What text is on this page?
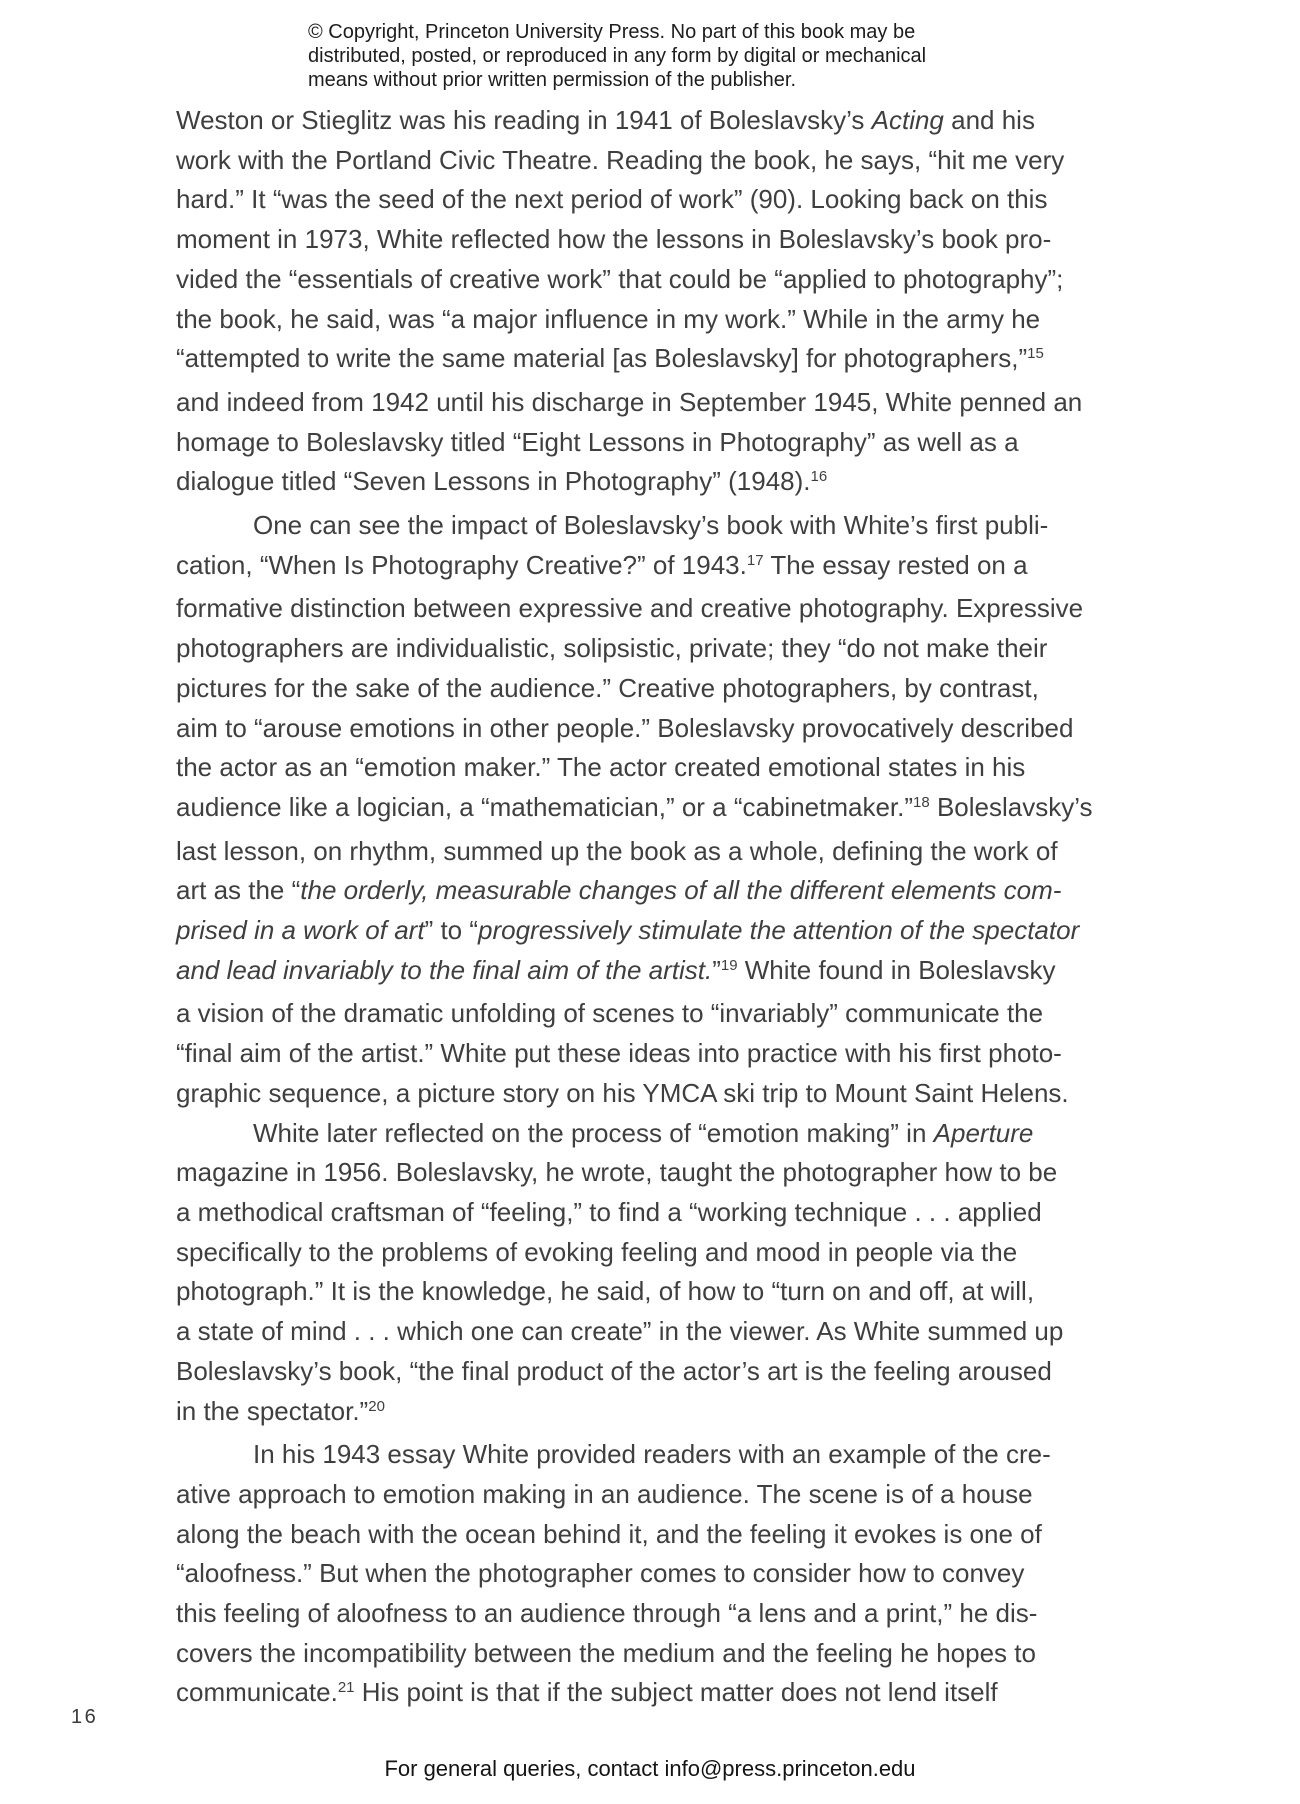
© Copyright, Princeton University Press. No part of this book may be
distributed, posted, or reproduced in any form by digital or mechanical
means without prior written permission of the publisher.
Weston or Stieglitz was his reading in 1941 of Boleslavsky’s Acting and his
work with the Portland Civic Theatre. Reading the book, he says, “hit me very
hard.” It “was the seed of the next period of work” (90). Looking back on this
moment in 1973, White reflected how the lessons in Boleslavsky’s book pro-
vided the “essentials of creative work” that could be “applied to photography”;
the book, he said, was “a major influence in my work.” While in the army he
“attempted to write the same material [as Boleslavsky] for photographers,”$^{15}$
and indeed from 1942 until his discharge in September 1945, White penned an
homage to Boleslavsky titled “Eight Lessons in Photography” as well as a
dialogue titled “Seven Lessons in Photography” (1948).$^{16}$
One can see the impact of Boleslavsky’s book with White’s first publi-
cation, “When Is Photography Creative?” of 1943.17 The essay rested on a
formative distinction between expressive and creative photography. Expressive
photographers are individualistic, solipsistic, private; they “do not make their
pictures for the sake of the audience.” Creative photographers, by contrast,
aim to “arouse emotions in other people.” Boleslavsky provocatively described
the actor as an “emotion maker.” The actor created emotional states in his
audience like a logician, a “mathematician,” or a “cabinetmaker.”$^{18}$ Boleslavsky’s
last lesson, on rhythm, summed up the book as a whole, defining the work of
art as the “the orderly, measurable changes of all the different elements com-
prised in a work of art” to “progressively stimulate the attention of the spectator
and lead invariably to the final aim of the artist.”$^{19}$ White found in Boleslavsky
a vision of the dramatic unfolding of scenes to “invariably” communicate the
“final aim of the artist.” White put these ideas into practice with his first photo-
graphic sequence, a picture story on his YMCA ski trip to Mount Saint Helens.
White later reflected on the process of “emotion making” in Aperture
magazine in 1956. Boleslavsky, he wrote, taught the photographer how to be
a methodical craftsman of “feeling,” to find a “working technique . . . applied
specifically to the problems of evoking feeling and mood in people via the
photograph.” It is the knowledge, he said, of how to “turn on and off, at will,
a state of mind . . . which one can create” in the viewer. As White summed up
Boleslavsky’s book, “the final product of the actor’s art is the feeling aroused
in the spectator.”$^{20}$
In his 1943 essay White provided readers with an example of the cre-
ative approach to emotion making in an audience. The scene is of a house
along the beach with the ocean behind it, and the feeling it evokes is one of
“aloofness.” But when the photographer comes to consider how to convey
this feeling of aloofness to an audience through “a lens and a print,” he dis-
covers the incompatibility between the medium and the feeling he hopes to
communicate.$^{21}$ His point is that if the subject matter does not lend itself
16
For general queries, contact info@press.princeton.edu
